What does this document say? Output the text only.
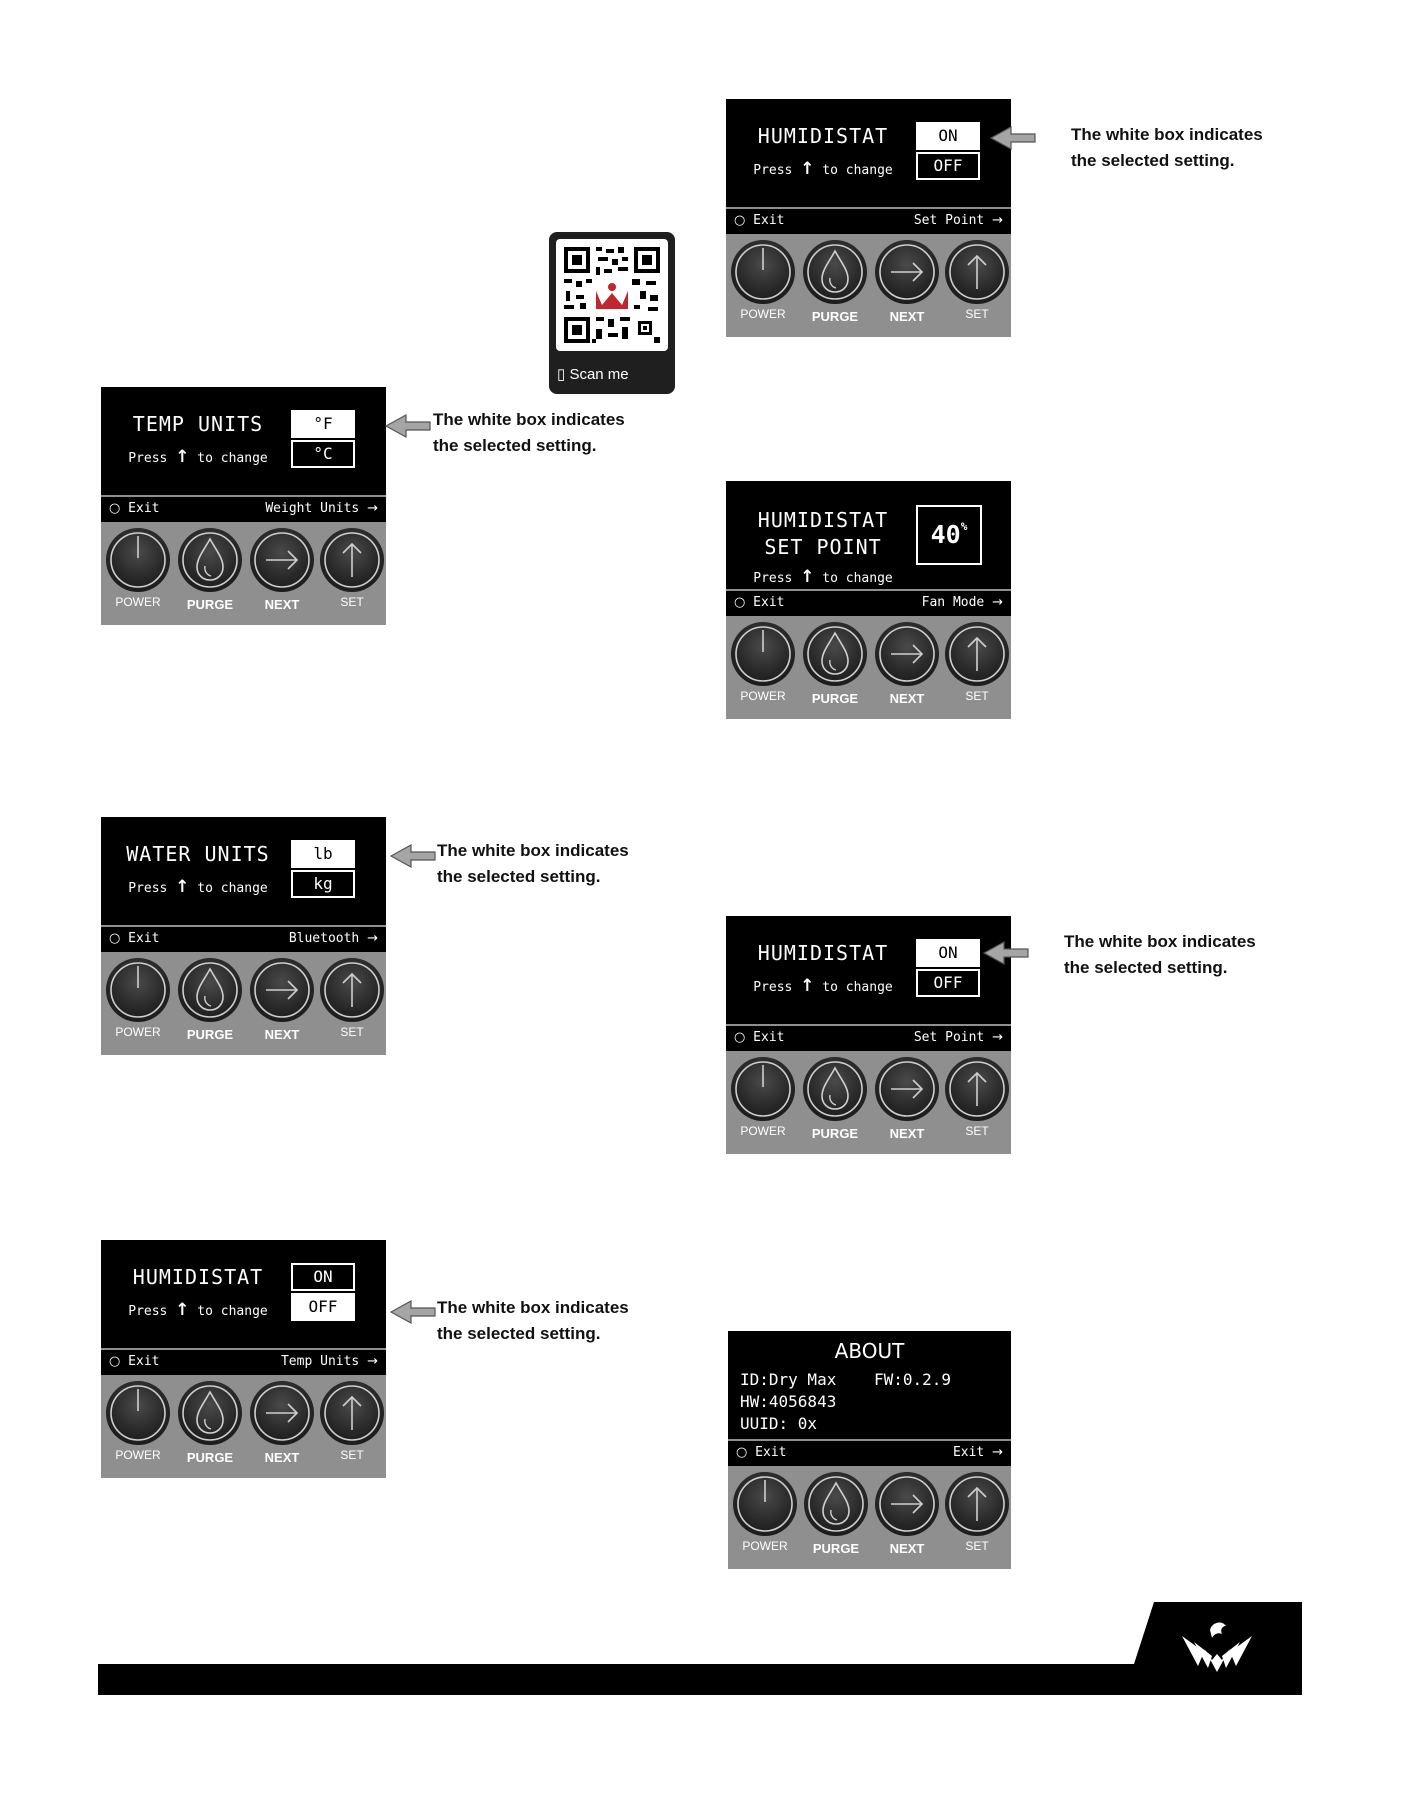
TEMP UNITS
Press ↑ to change
°F
°C
○ Exit	Weight Units →
POWER	PURGE	NEXT	SET
The white box indicates
the selected setting.
WATER UNITS
Press ↑ to change
lb
kg
○ Exit	Bluetooth →
POWER	PURGE	NEXT	SET
The white box indicates
the selected setting.
HUMIDISTAT
Press ↑ to change
ON
OFF
○ Exit	Temp Units →
POWER	PURGE	NEXT	SET
The white box indicates
the selected setting.
▯ Scan me
HUMIDISTAT
Press ↑ to change
ON
OFF
○ Exit	Set Point →
POWER	PURGE	NEXT	SET
The white box indicates
the selected setting.
HUMIDISTAT
SET POINT
Press ↑ to change
40%
○ Exit	Fan Mode →
POWER	PURGE	NEXT	SET
HUMIDISTAT
Press ↑ to change
ON
OFF
○ Exit	Set Point →
POWER	PURGE	NEXT	SET
The white box indicates
the selected setting.
ABOUT
ID:Dry Max FW:0.2.9
HW:4056843
UUID: 0x
○ Exit	Exit →
POWER	PURGE	NEXT	SET
